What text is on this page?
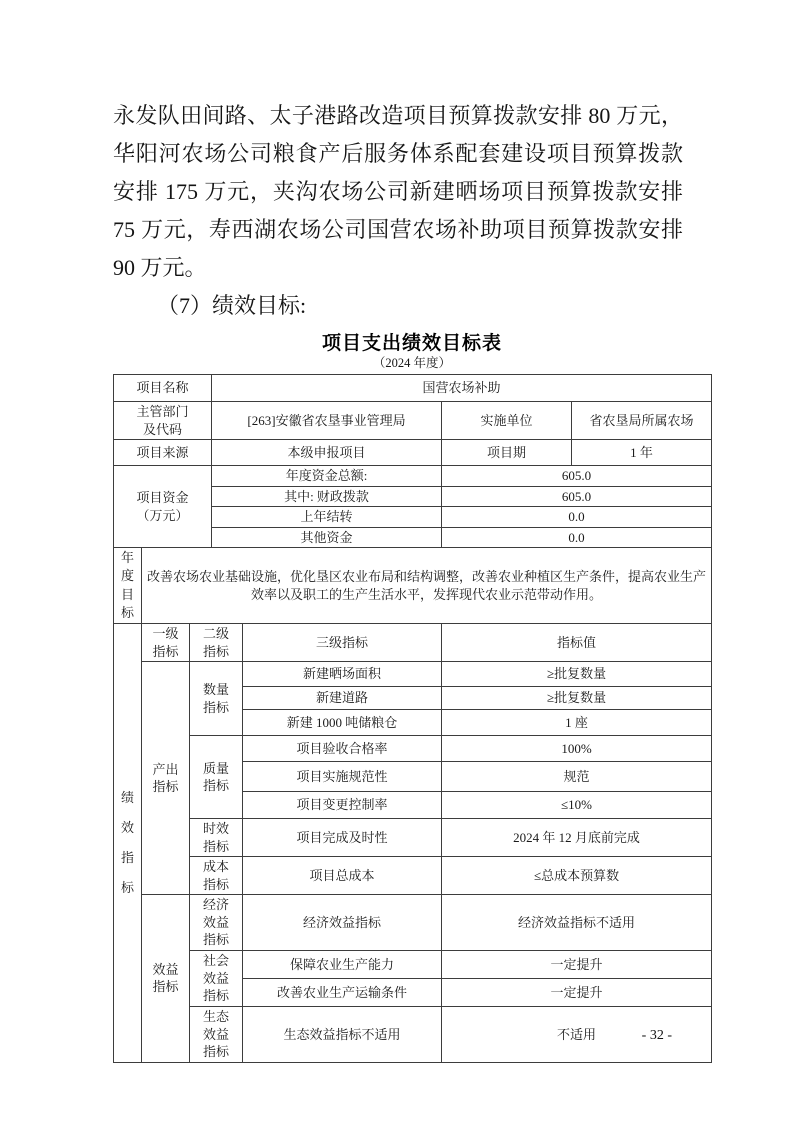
永发队田间路、太子港路改造项目预算拨款安排 80 万元，
华阳河农场公司粮食产后服务体系配套建设项目预算拨款
安排 175 万元，夹沟农场公司新建晒场项目预算拨款安排
75 万元，寿西湖农场公司国营农场补助项目预算拨款安排
90 万元。
（7）绩效目标:
项目支出绩效目标表
（2024 年度）
项目名称			国营农场补助			
主管部门及代码			[263]安徽省农垦事业管理局		实施单位	省农垦局所属农场
项目来源			本级申报项目		项目期	1 年
项目资金（万元）			年度资金总额:		605.0	
			其中: 财政拨款		605.0	
			上年结转		0.0	
			其他资金		0.0	
年度目标	改善农场农业基础设施，优化垦区农业布局和结构调整，改善农业种植区生产条件，提高农业生产效率以及职工的生产生活水平，发挥现代农业示范带动作用。					
绩效指标	一级指标	二级指标		三级指标	指标值	
	产出指标	数量指标		新建晒场面积	≥批复数量	
				新建道路	≥批复数量	
				新建 1000 吨储粮仓	1 座	
		质量指标		项目验收合格率	100%	
				项目实施规范性	规范	
				项目变更控制率	≤10%	
		时效指标		项目完成及时性	2024 年 12 月底前完成	
		成本指标		项目总成本	≤总成本预算数	
	效益指标	经济效益指标		经济效益指标	经济效益指标不适用	
		社会效益指标		保障农业生产能力	一定提升	
				改善农业生产运输条件	一定提升	
		生态效益指标		生态效益指标不适用	不适用		- 32 -
